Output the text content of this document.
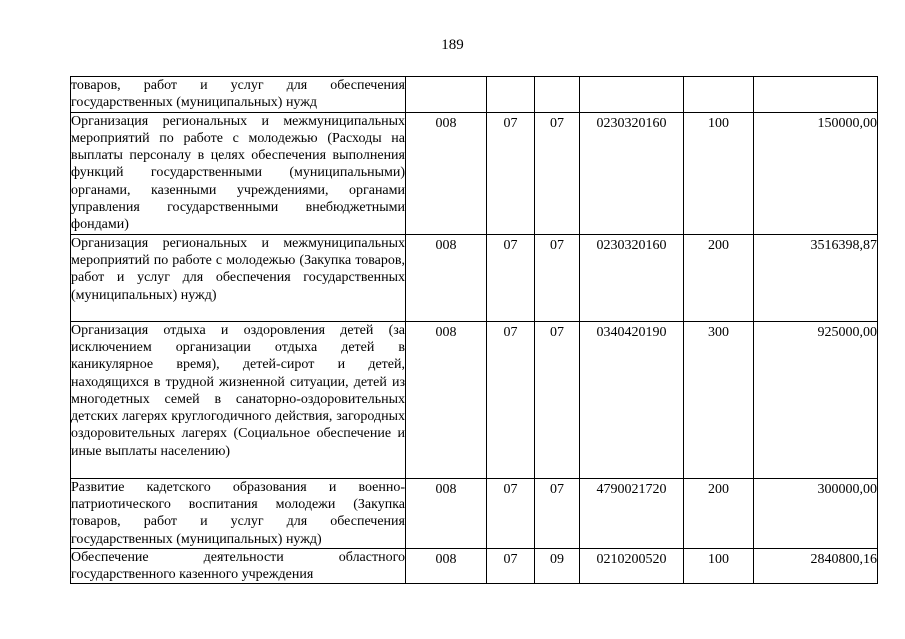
189
товаров, работ и услуг для обеспечения государственных (муниципальных) нужд						
Организация региональных и межмуниципальных мероприятий по работе с молодежью (Расходы на выплаты персоналу в целях обеспечения выполнения функций государственными (муниципальными) органами, казенными учреждениями, органами управления государственными внебюджетными фондами)	008	07	07	0230320160	100	150000,00
Организация региональных и межмуниципальных мероприятий по работе с молодежью (Закупка товаров, работ и услуг для обеспечения государственных (муниципальных) нужд)	008	07	07	0230320160	200	3516398,87
Организация отдыха и оздоровления детей (за исключением организации отдыха детей в каникулярное время), детей-сирот и детей, находящихся в трудной жизненной ситуации, детей из многодетных семей в санаторно-оздоровительных детских лагерях круглогодичного действия, загородных оздоровительных лагерях (Социальное обеспечение и иные выплаты населению)	008	07	07	0340420190	300	925000,00
Развитие кадетского образования и военно-патриотического воспитания молодежи (Закупка товаров, работ и услуг для обеспечения государственных (муниципальных) нужд)	008	07	07	4790021720	200	300000,00
Обеспечение деятельности областного государственного казенного учреждения	008	07	09	0210200520	100	2840800,16
